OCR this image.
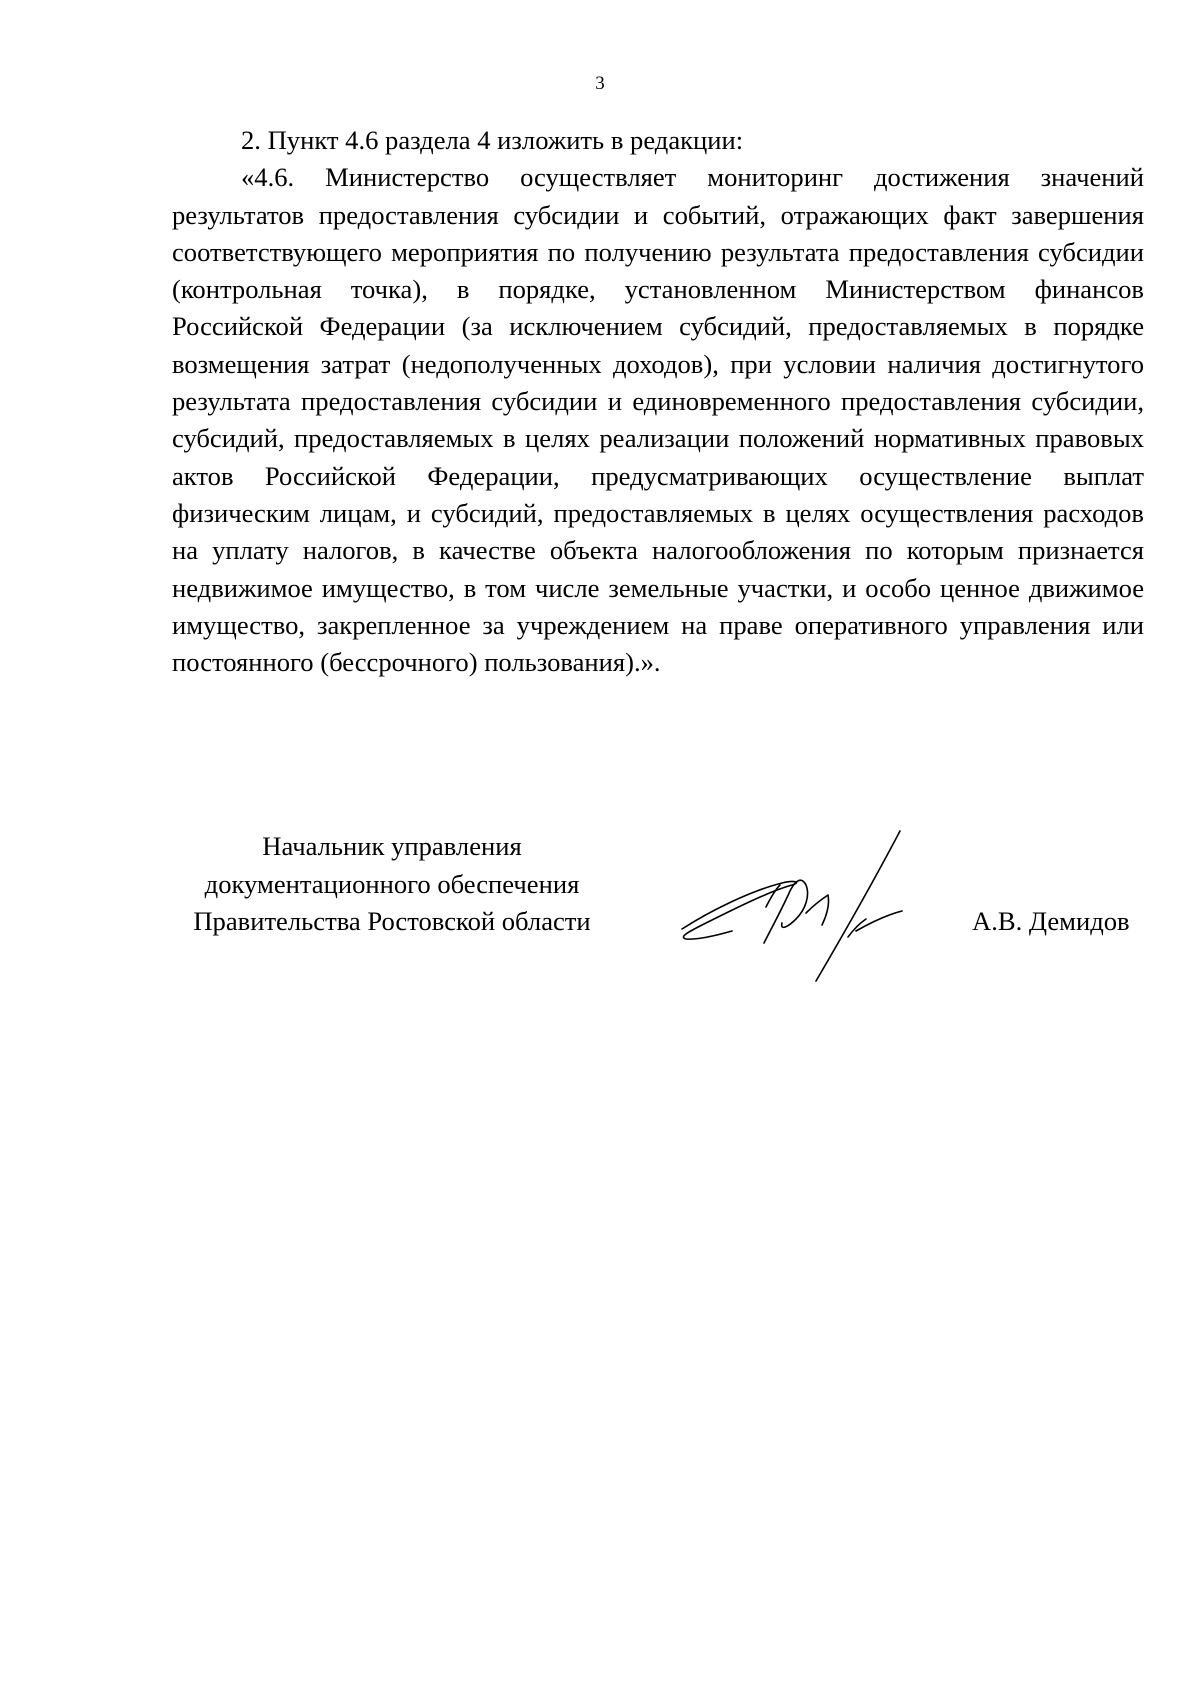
3

2. Пункт 4.6 раздела 4 изложить в редакции:

«4.6. Министерство осуществляет мониторинг достижения значений результатов предоставления субсидии и событий, отражающих факт завершения соответствующего мероприятия по получению результата предоставления субсидии (контрольная точка), в порядке, установленном Министерством финансов Российской Федерации (за исключением субсидий, предоставляемых в порядке возмещения затрат (недополученных доходов), при условии наличия достигнутого результата предоставления субсидии и единовременного предоставления субсидии, субсидий, предоставляемых в целях реализации положений нормативных правовых актов Российской Федерации, предусматривающих осуществление выплат физическим лицам, и субсидий, предоставляемых в целях осуществления расходов на уплату налогов, в качестве объекта налогообложения по которым признается недвижимое имущество, в том числе земельные участки, и особо ценное движимое имущество, закрепленное за учреждением на праве оперативного управления или постоянного (бессрочного) пользования).».

Начальник управления
документационного обеспечения
Правительства Ростовской области	А.В. Демидов
